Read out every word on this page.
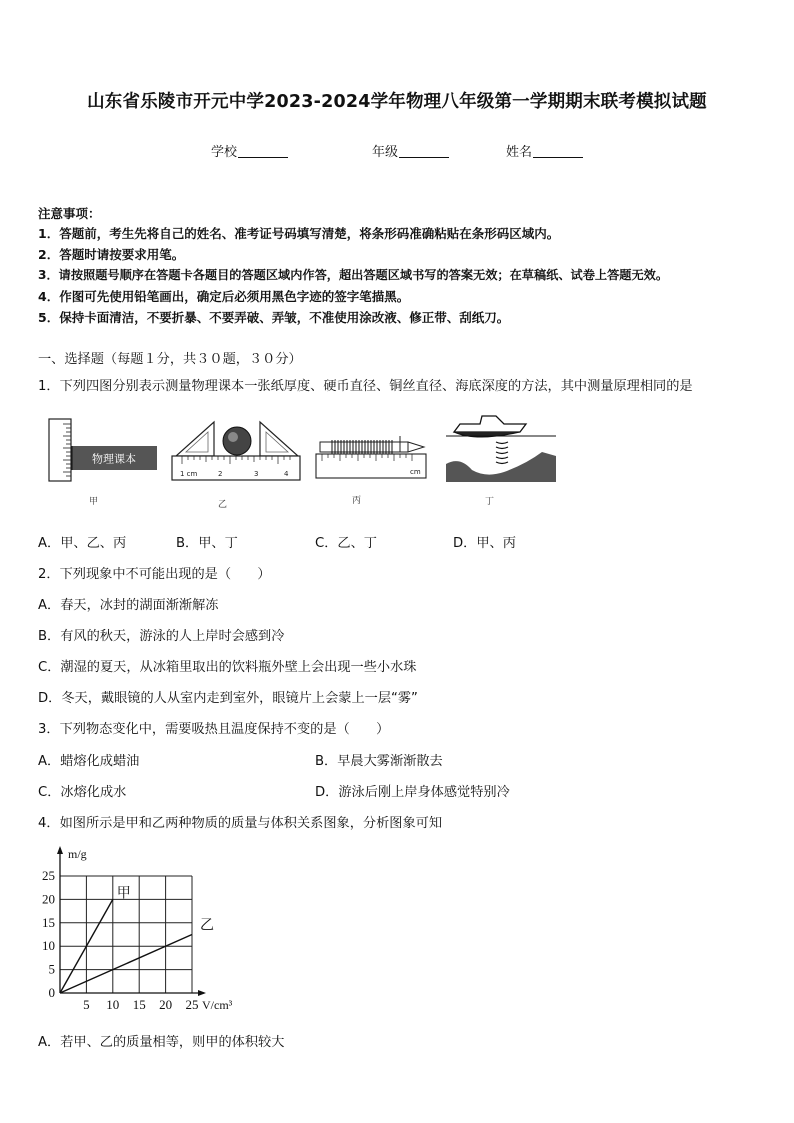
山东省乐陵市开元中学2023-2024学年物理八年级第一学期期末联考模拟试题
学校	年级	姓名
注意事项：
1．答题前，考生先将自己的姓名、准考证号码填写清楚，将条形码准确粘贴在条形码区域内。
2．答题时请按要求用笔。
3．请按照题号顺序在答题卡各题目的答题区域内作答，超出答题区域书写的答案无效；在草稿纸、试卷上答题无效。
4．作图可先使用铅笔画出，确定后必须用黑色字迹的签字笔描黑。
5．保持卡面清洁，不要折暴、不要弄破、弄皱，不准使用涂改液、修正带、刮纸刀。
一、选择题（每题１分，共３０题，３０分）
1．下列四图分别表示测量物理课本一张纸厚度、硬币直径、铜丝直径、海底深度的方法，其中测量原理相同的是
物理课本
甲
1 cm	2	3	4
乙
cm
丙	丁
A．甲、乙、丙	B．甲、丁	C．乙、丁	D．甲、丙
2．下列现象中不可能出现的是（　　）
A．春天，冰封的湖面渐渐解冻
B．有风的秋天，游泳的人上岸时会感到冷
C．潮湿的夏天，从冰箱里取出的饮料瓶外壁上会出现一些小水珠
D．冬天，戴眼镜的人从室内走到室外，眼镜片上会蒙上一层“雾”
3．下列物态变化中，需要吸热且温度保持不变的是（　　）
A．蜡熔化成蜡油	B．早晨大雾渐渐散去
C．冰熔化成水	D．游泳后刚上岸身体感觉特别冷
4．如图所示是甲和乙两种物质的质量与体积关系图象，分析图象可知
5 10 15 20 25
0
5
10
15
20
25
m/g
V/cm³
甲
乙
A．若甲、乙的质量相等，则甲的体积较大
